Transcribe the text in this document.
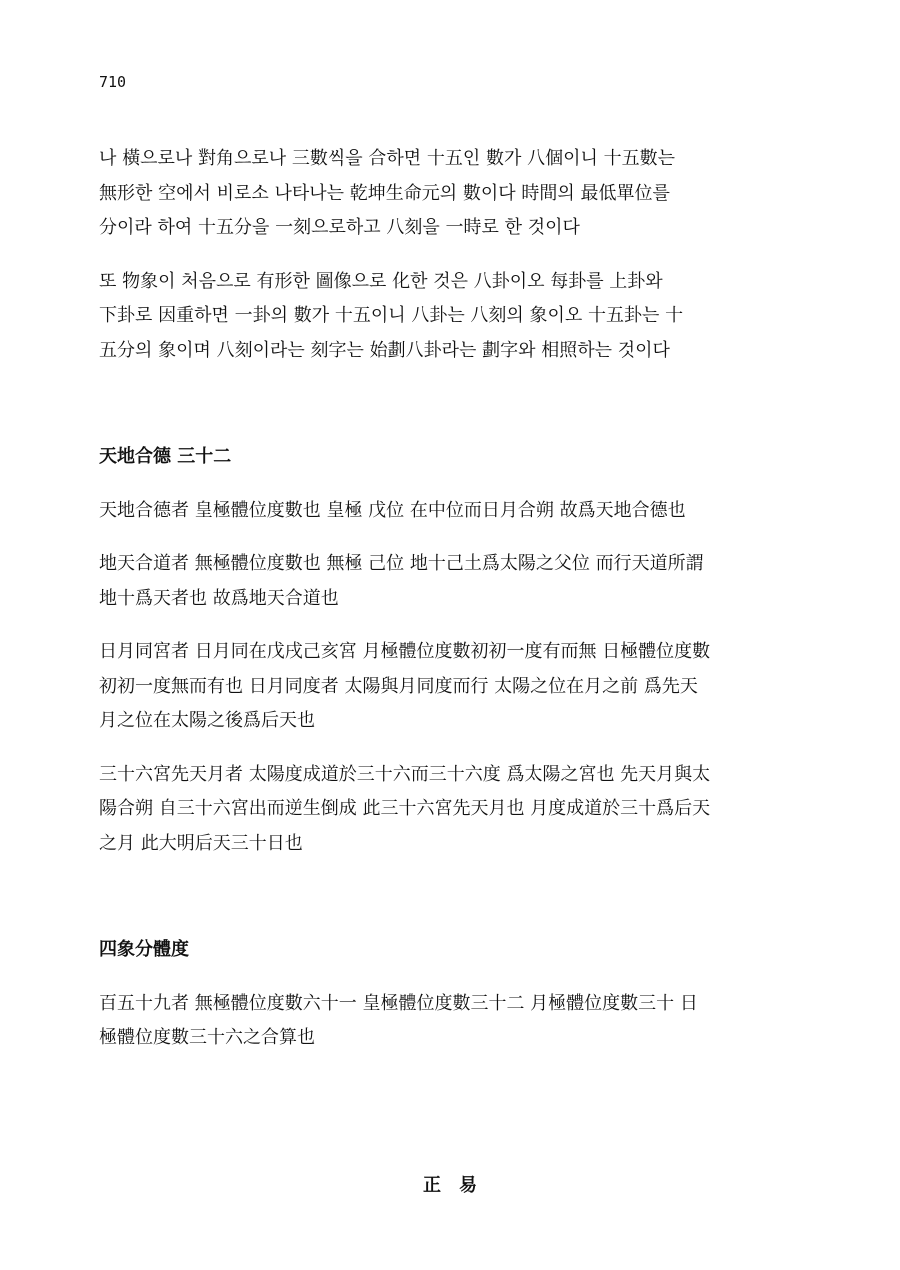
710

나 橫으로나 對角으로나 三數씩을 合하면 十五인 數가 八個이니 十五數는
無形한 空에서 비로소 나타나는 乾坤生命元의 數이다 時間의 最低單位를
分이라 하여 十五分을 一刻으로하고 八刻을 一時로 한 것이다

또 物象이 처음으로 有形한 圖像으로 化한 것은 八卦이오 每卦를 上卦와
下卦로 因重하면 一卦의 數가 十五이니 八卦는 八刻의 象이오 十五卦는 十
五分의 象이며 八刻이라는 刻字는 始劃八卦라는 劃字와 相照하는 것이다

天地合德 三十二

天地合德者 皇極體位度數也 皇極 戊位 在中位而日月合朔 故爲天地合德也

地天合道者 無極體位度數也 無極 己位 地十己土爲太陽之父位 而行天道所謂
地十爲天者也 故爲地天合道也

日月同宮者 日月同在戊戌己亥宮 月極體位度數初初一度有而無 日極體位度數
初初一度無而有也 日月同度者 太陽與月同度而行 太陽之位在月之前 爲先天
月之位在太陽之後爲后天也

三十六宮先天月者 太陽度成道於三十六而三十六度 爲太陽之宮也 先天月與太
陽合朔 自三十六宮出而逆生倒成 此三十六宮先天月也 月度成道於三十爲后天
之月 此大明后天三十日也

四象分體度

百五十九者 無極體位度數六十一 皇極體位度數三十二 月極體位度數三十 日
極體位度數三十六之合算也

正易
